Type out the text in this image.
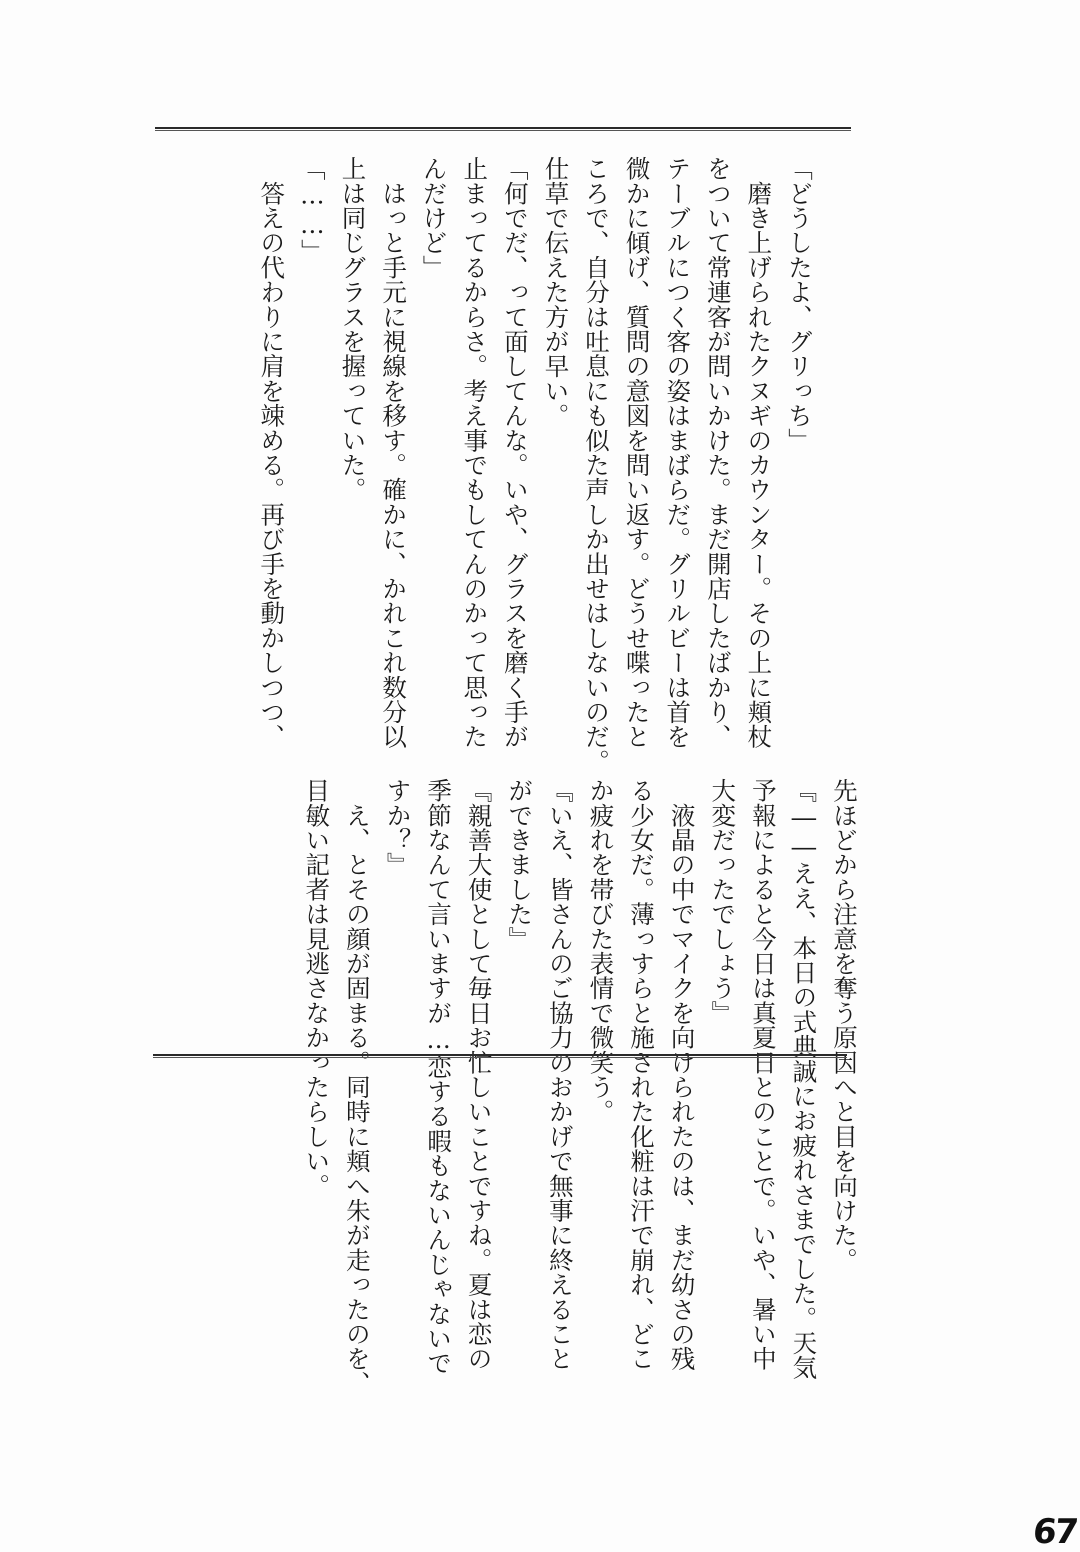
「どうしたよ、グリっち」
　磨き上げられたクヌギのカウンター。その上に頬杖
をついて常連客が問いかけた。まだ開店したばかり、
テーブルにつく客の姿はまばらだ。グリルビーは首を
微かに傾げ、質問の意図を問い返す。どうせ喋ったと
ころで、自分は吐息にも似た声しか出せはしないのだ。
仕草で伝えた方が早い。
「何でだ、って面してんな。いや、グラスを磨く手が
止まってるからさ。考え事でもしてんのかって思った
んだけど」
　はっと手元に視線を移す。確かに、かれこれ数分以
上は同じグラスを握っていた。
「……」
　答えの代わりに肩を竦める。再び手を動かしつつ、
先ほどから注意を奪う原因へと目を向けた。
『――ええ、本日の式典誠にお疲れさまでした。天気
予報によると今日は真夏日とのことで。いや、暑い中
大変だったでしょう』
　液晶の中でマイクを向けられたのは、まだ幼さの残
る少女だ。薄っすらと施された化粧は汗で崩れ、どこ
か疲れを帯びた表情で微笑う。
『いえ、皆さんのご協力のおかげで無事に終えること
ができました』
『親善大使として毎日お忙しいことですね。夏は恋の
季節なんて言いますが…恋する暇もないんじゃないで
すか？』
　え、とその顔が固まる。同時に頬へ朱が走ったのを、
目敏い記者は見逃さなかったらしい。
67
